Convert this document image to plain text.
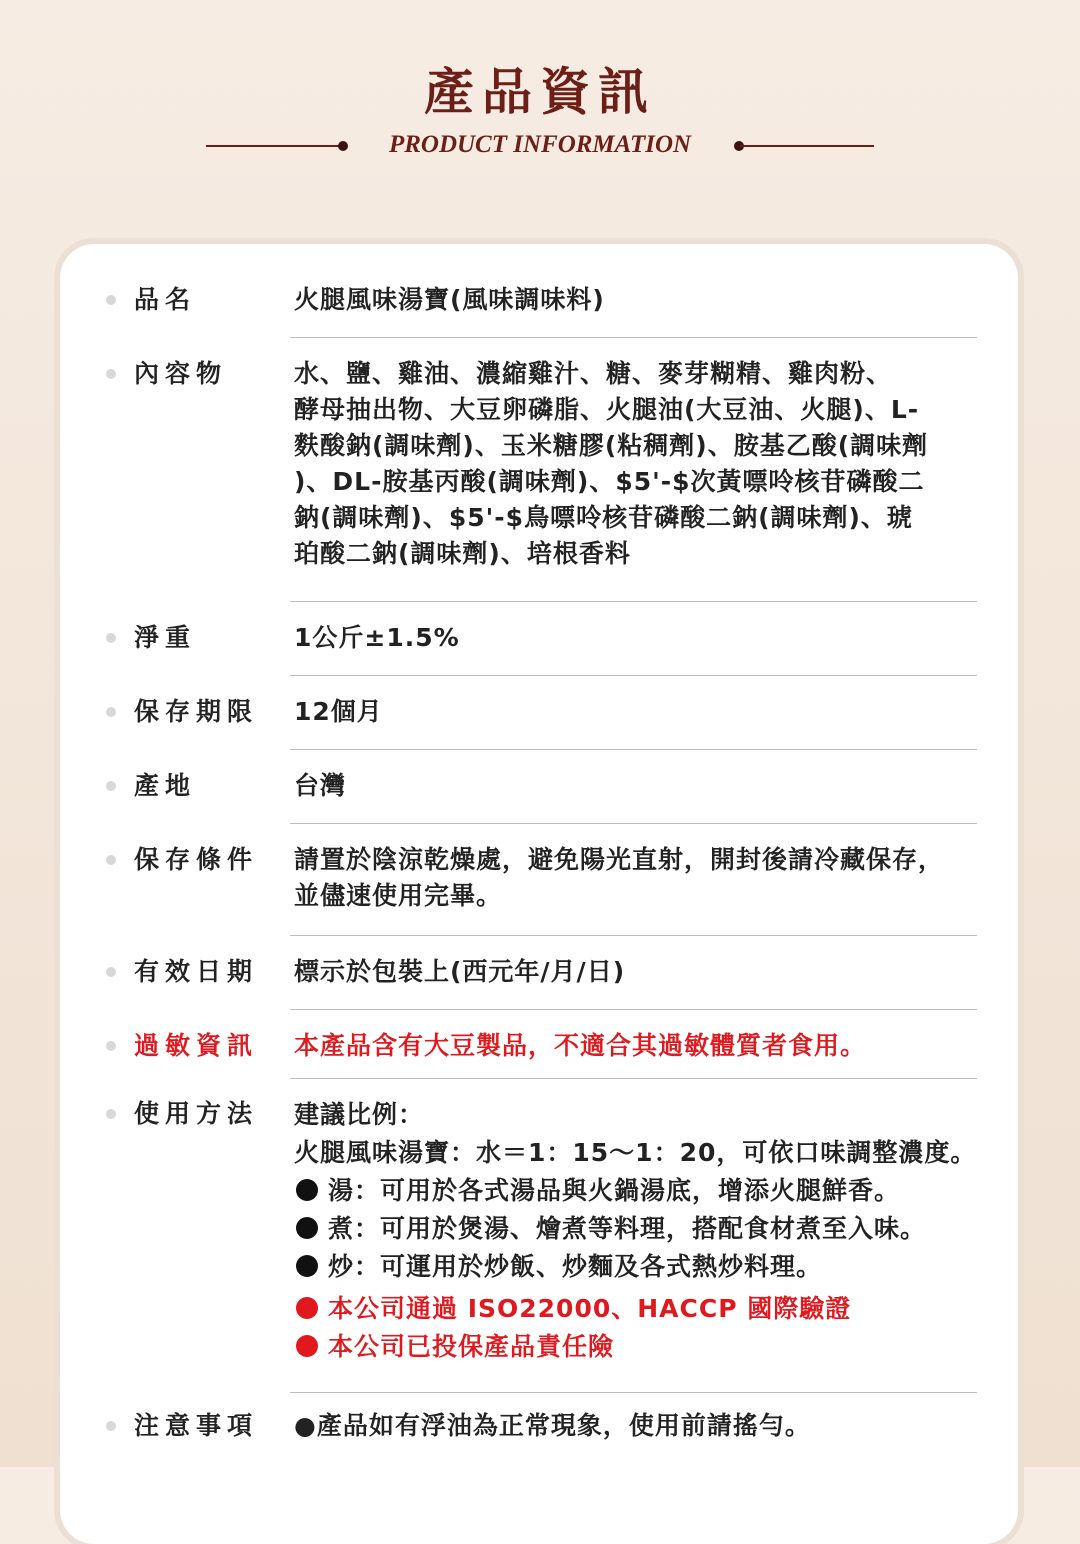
產品資訊
PRODUCT INFORMATION
品名	火腿風味湯寶(風味調味料)
內容物	水、鹽、雞油、濃縮雞汁、糖、麥芽糊精、雞肉粉、
酵母抽出物、大豆卵磷脂、火腿油(大豆油、火腿)、L-
麩酸鈉(調味劑)、玉米糖膠(粘稠劑)、胺基乙酸(調味劑
)、DL-胺基丙酸(調味劑)、$5'-$次黃嘌呤核苷磷酸二
鈉(調味劑)、$5'-$鳥嘌呤核苷磷酸二鈉(調味劑)、琥
珀酸二鈉(調味劑)、培根香料
淨重	1公斤±1.5%
保存期限 12個月
產地	台灣
保存條件 請置於陰涼乾燥處，避免陽光直射，開封後請冷藏保存，
並儘速使用完畢。
有效日期 標示於包裝上(西元年/月/日)
過敏資訊 本產品含有大豆製品，不適合其過敏體質者食用。
使用方法 建議比例：
火腿風味湯寶：水＝1：15～1：20，可依口味調整濃度。
湯：可用於各式湯品與火鍋湯底，增添火腿鮮香。
煮：可用於煲湯、燴煮等料理，搭配食材煮至入味。
炒：可運用於炒飯、炒麵及各式熱炒料理。
本公司通過 ISO22000、HACCP 國際驗證
本公司已投保產品責任險
注意事項 ●產品如有浮油為正常現象，使用前請搖勻。
